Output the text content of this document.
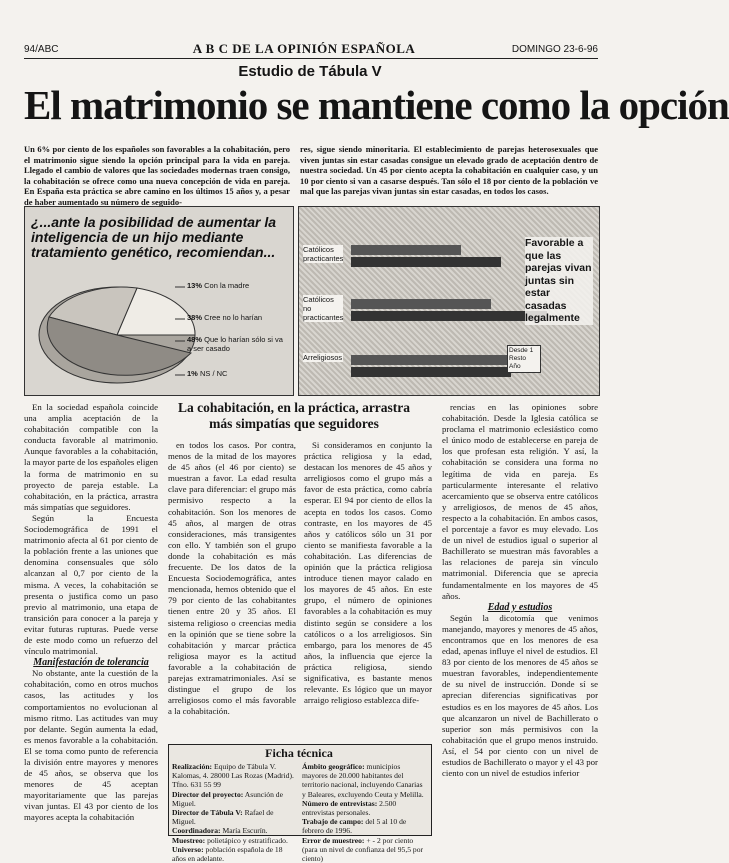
94/ABC	A B C DE LA OPINIÓN ESPAÑOLA	DOMINGO 23-6-96
Estudio de Tábula V
El matrimonio se mantiene como la opción
Un 6% por ciento de los españoles son favorables a la cohabitación, pero el matrimonio sigue siendo la opción principal para la vida en pareja. Llegado el cambio de valores que las sociedades modernas traen consigo, la cohabitación se ofrece como una nueva concepción de vida en pareja. En España esta práctica se abre camino en los últimos 15 años y, a pesar de haber aumentado su número de seguido-
res, sigue siendo minoritaria. El establecimiento de parejas heterosexuales que viven juntas sin estar casadas consigue un elevado grado de aceptación dentro de nuestra sociedad. Un 45 por ciento acepta la cohabitación en cualquier caso, y un 10 por ciento si van a casarse después. Tan sólo el 18 por ciento de la población ve mal que las parejas vivan juntas sin estar casadas, en todos los casos.
¿...ante la posibilidad de aumentar la inteligencia de un hijo mediante tratamiento genético, recomiendan...
13% Con la madre
38% Cree no lo harían
48% Que lo harían sólo si va a ser casado
1% NS / NC
Católicos practicantes
Católicos no practicantes
Arreligiosos
Favorable a que las parejas vivan juntas sin estar casadas legalmente
Desde 1
Resto
Año
La cohabitación, en la práctica, arrastra más simpatías que seguidores

En la sociedad española coincide una amplia aceptación de la cohabitación compatible con la conducta favorable al matrimonio. Aunque favorables a la cohabitación, la mayor parte de los españoles eligen la forma de matrimonio en su proyecto de pareja estable. La cohabitación, en la práctica, arrastra más simpatías que seguidores.

Según la Encuesta Sociodemográfica de 1991 el matrimonio afecta al 61 por ciento de la población frente a las uniones que denomina consensuales que sólo alcanzan al 0,7 por ciento de la misma. A veces, la cohabitación se presenta o justifica como un paso previo al matrimonio, una etapa de transición para conocer a la pareja y evitar futuras rupturas. Puede verse de este modo como un refuerzo del vínculo matrimonial.

Manifestación de tolerancia

No obstante, ante la cuestión de la cohabitación, como en otros muchos casos, las actitudes y los comportamientos no evolucionan al mismo ritmo. Las actitudes van muy por delante. Según aumenta la edad, es menos favorable a la cohabitación. El se toma como punto de referencia la división entre mayores y menores de 45 años, se observa que los menores de 45 aceptan mayoritariamente que las parejas vivan juntas. El 43 por ciento de los mayores acepta la cohabitación

en todos los casos. Por contra, menos de la mitad de los mayores de 45 años (el 46 por ciento) se muestran a favor. La edad resulta clave para diferenciar: el grupo más permisivo respecto a la cohabitación. Son los menores de 45 años, al margen de otras consideraciones, más transigentes con ello. Y también son el grupo donde la cohabitación es más frecuente. De los datos de la Encuesta Sociodemográfica, antes mencionada, hemos obtenido que el 79 por ciento de las cohabitantes tienen entre 20 y 35 años. El sistema religioso o creencias media en la opinión que se tiene sobre la cohabitación y marcar práctica religiosa mayor es la actitud favorable a la cohabitación de parejas extramatrimoniales. Así se distingue el grupo de los arreligiosos como el más favorable a la cohabitación.

Si consideramos en conjunto la práctica religiosa y la edad, destacan los menores de 45 años y arreligiosos como el grupo más a favor de esta práctica, como cabría esperar. El 94 por ciento de ellos la acepta en todos los casos. Como contraste, en los mayores de 45 años y católicos sólo un 31 por ciento se manifiesta favorable a la cohabitación. Las diferencias de opinión que la práctica religiosa introduce tienen mayor calado en los mayores de 45 años. En este grupo, el número de opiniones favorables a la cohabitación es muy distinto según se considere a los católicos o a los arreligiosos. Sin embargo, para los menores de 45 años, la influencia que ejerce la práctica religiosa, siendo significativa, es bastante menos relevante. Es lógico que un mayor arraigo religioso establezca dife-

rencias en las opiniones sobre cohabitación. Desde la Iglesia católica se proclama el matrimonio eclesiástico como el único modo de establecerse en pareja de los que profesan esta religión. Y así, la cohabitación se considera una forma no legítima de vida en pareja. Es particularmente interesante el relativo acercamiento que se observa entre católicos y arreligiosos, de menos de 45 años, respecto a la cohabitación. En ambos casos, el porcentaje a favor es muy elevado. Los de un nivel de estudios igual o superior al Bachillerato se muestran más favorables a las relaciones de pareja sin vínculo matrimonial. Diferencia que se aprecia fundamentalmente en los mayores de 45 años.

Edad y estudios

Según la dicotomía que venimos manejando, mayores y menores de 45 años, encontramos que en los menores de esa edad, apenas influye el nivel de estudios. El 83 por ciento de los menores de 45 años se muestran favorables, independientemente de su nivel de instrucción. Donde sí se aprecian diferencias significativas por estudios es en los mayores de 45 años. Los que alcanzaron un nivel de Bachillerato o superior son más permisivos con la cohabitación que el grupo menos instruido. Así, el 54 por ciento con un nivel de estudios de Bachillerato o mayor y el 43 por ciento con un nivel de estudios inferior

Ficha técnica
Realización: Equipo de Tábula V. Kalomas, 4. 28000 Las Rozas (Madrid). Tfno. 631 55 99
Director del proyecto: Asunción de Miguel.
Director de Tábula V: Rafael de Miguel.
Coordinadora: María Escurín.
Muestreo: polietápico y estratificado.
Universo: población española de 18 años en adelante.
Ámbito geográfico: municipios mayores de 20.000 habitantes del territorio nacional, incluyendo Canarias y Baleares, excluyendo Ceuta y Melilla.
Número de entrevistas: 2.500 entrevistas personales.
Trabajo de campo: del 5 al 10 de febrero de 1996.
Error de muestreo: + - 2 por ciento (para un nivel de confianza del 95,5 por ciento)
